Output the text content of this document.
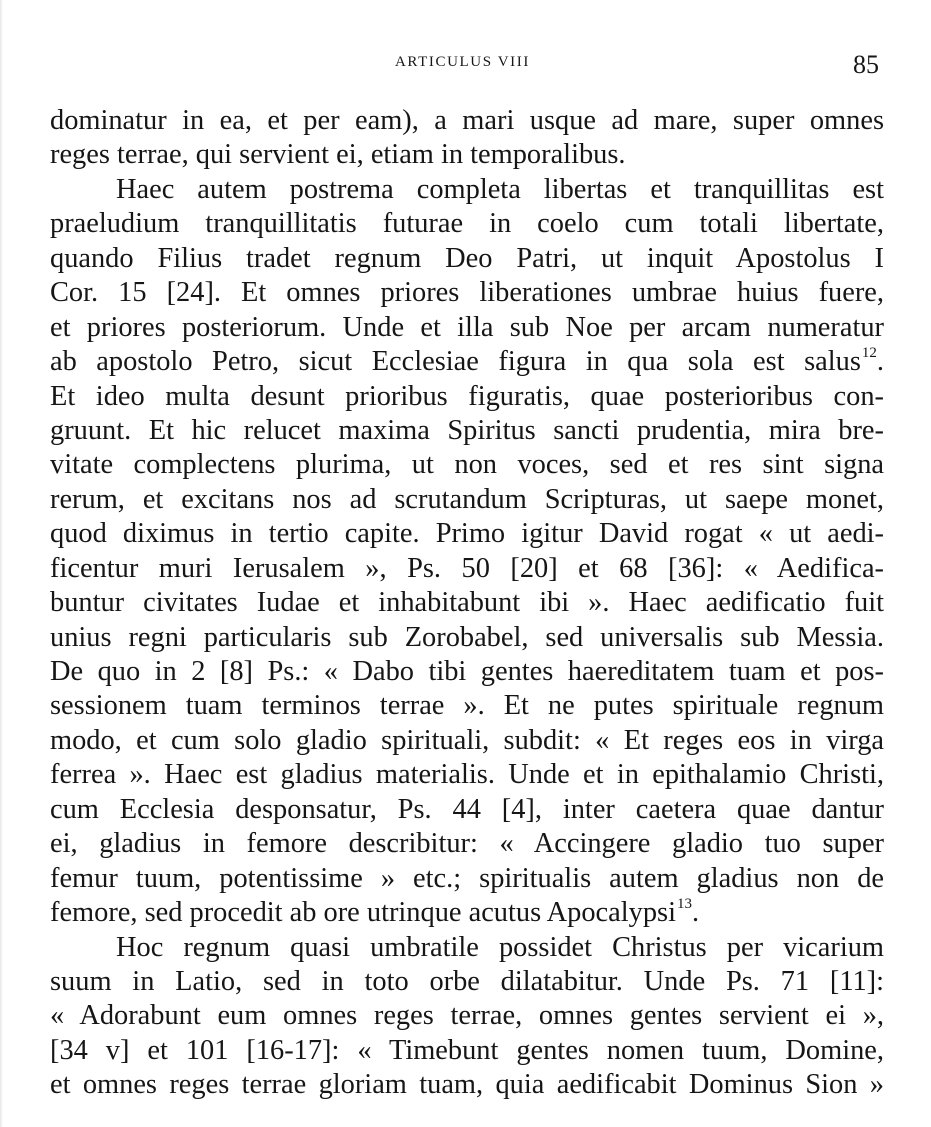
ARTICULUS VIII	85
dominatur in ea, et per eam), a mari usque ad mare, super omnes
reges terrae, qui servient ei, etiam in temporalibus.
Haec autem postrema completa libertas et tranquillitas est
praeludium tranquillitatis futurae in coelo cum totali libertate,
quando Filius tradet regnum Deo Patri, ut inquit Apostolus I
Cor. 15 [24]. Et omnes priores liberationes umbrae huius fuere,
et priores posteriorum. Unde et illa sub Noe per arcam numeratur
ab apostolo Petro, sicut Ecclesiae figura in qua sola est salus$^{12}$.
Et ideo multa desunt prioribus figuratis, quae posterioribus con-
gruunt. Et hic relucet maxima Spiritus sancti prudentia, mira bre-
vitate complectens plurima, ut non voces, sed et res sint signa
rerum, et excitans nos ad scrutandum Scripturas, ut saepe monet,
quod diximus in tertio capite. Primo igitur David rogat « ut aedi-
ficentur muri Ierusalem », Ps. 50 [20] et 68 [36]: « Aedifica-
buntur civitates Iudae et inhabitabunt ibi ». Haec aedificatio fuit
unius regni particularis sub Zorobabel, sed universalis sub Messia.
De quo in 2 [8] Ps.: « Dabo tibi gentes haereditatem tuam et pos-
sessionem tuam terminos terrae ». Et ne putes spirituale regnum
modo, et cum solo gladio spirituali, subdit: « Et reges eos in virga
ferrea ». Haec est gladius materialis. Unde et in epithalamio Christi,
cum Ecclesia desponsatur, Ps. 44 [4], inter caetera quae dantur
ei, gladius in femore describitur: « Accingere gladio tuo super
femur tuum, potentissime » etc.; spiritualis autem gladius non de
femore, sed procedit ab ore utrinque acutus Apocalypsi$^{13}$.
Hoc regnum quasi umbratile possidet Christus per vicarium
suum in Latio, sed in toto orbe dilatabitur. Unde Ps. 71 [11]:
« Adorabunt eum omnes reges terrae, omnes gentes servient ei »,
[34 v] et 101 [16-17]: « Timebunt gentes nomen tuum, Domine,
et omnes reges terrae gloriam tuam, quia aedificabit Dominus Sion »
